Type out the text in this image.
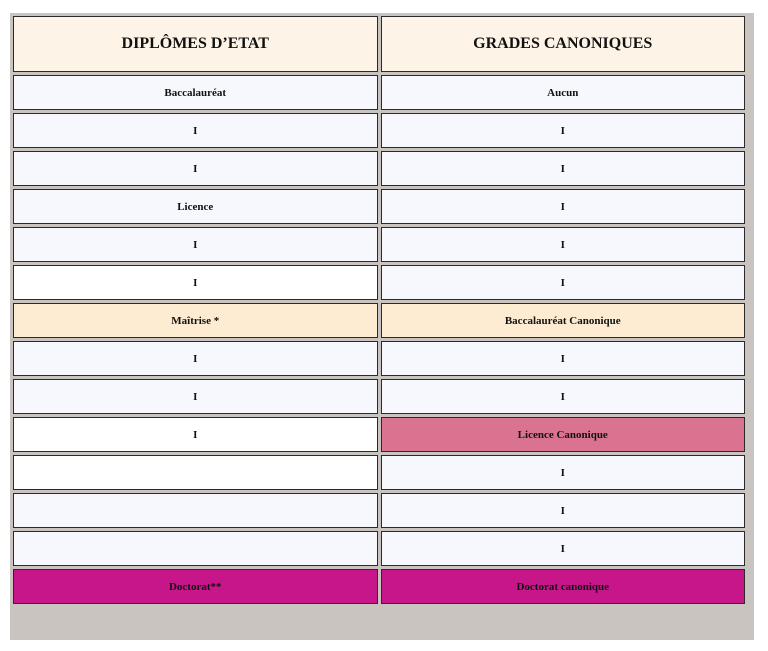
DIPLÔMES D’ETAT	GRADES CANONIQUES
Baccalauréat	Aucun
I	I
I	I
Licence	I
I	I
I	I
Maîtrise *	Baccalauréat Canonique
I	I
I	I
I	Licence Canonique
	I
	I
	I
Doctorat**	Doctorat canonique
